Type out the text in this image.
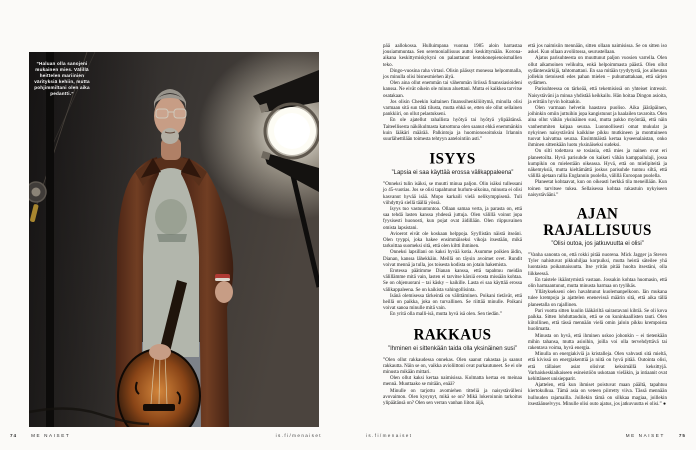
”Haluan olla sanojeni mukainen mies. Välillä heittelen mariinien värityksiä kehiin, mutta pohjimmiltani olen aika pedantti.”
74	ME NAISET	is.fi/menaiset

pää aallokossa. Hulluimpana vuonna 1985 aloin harrastaa jousiammuntaa. Sen seremoniallisuus auttoi keskittymään. Korona-aikana keskittymiskykyni on palauttanut lentokonepienoismallien teko.

Dingo-vuosina raha virtasi. Olisin päässyt monessa helpommalla, jos minulla olisi bisnesmiehen älyä.

Olen aina ollut enemmän tai vähemmän liriissä finanssiasioideni kanssa. Ne eivät oikein ole minun aluettani. Mutta ei kaikkea tarvitse osatakaan.

Jos olisin Cheekin kaltainen finanssihenkilöitymä, minulla olisi varmaan sitä sun tätä tilusta, mutta ehkä se, etten ole ollut sellainen pankkiiri, on ollut pelastukseni.

En ole ajatellut rahallista hyötyä tai hyötyä ylipäätänsä. Taiteellisesta näkökulmasta katsottuna olen saanut ehkä enemmänkin kuin lääkäri määrää. Palkintoja ja huomionosoituksia Irlannin suurlähettilään toimesta tehtyyn aatelointiin asti.”

ISYYS
”Lapsia ei saa käyttää erossa välikappaleena”

”Onneksi tulin isäksi, se muutti minua paljon. Olin isäksi tullessani jo 45-vuotias. Jos se olisi tapahtunut hurlum-aikoina, minusta ei olisi kasvanut hyvää isää. Mopo karkaili vielä nelikymppisenä. Tuli viihdyttyä siellä täällä yössä.

Isyys tuo vastuuntuntoa. Ollaan samaa verta, ja parasta on, että saa tehdä lasten kanssa yhdessä juttuja. Olen välillä voinut jopa fyysisesti huonosti, kun pojat ovat äidillään. Olen riippuvainen omista lapsistani.

Avioerot eivät ole koskaan helppoja. Syyllistän näistä itseäni. Olen tyyppi, joka hakee ensimmäiseksi vikoja itsestään, mikä tarkoittaa suomeksi sitä, että olen kiltti ihminen.

Onneksi lapsillani on kaksi hyvää kotia. Asumme poikien äidin, Dianan, kanssa lähekkäin. Meillä on täysin avoimet ovet. Rundit voivat mennä ja tulla, jos toisesta kodista on jotain hakemista.

Erotessa päätimme Dianan kanssa, että tapahtuu meidän välillämme mitä vain, lasten ei tarvitse kärsiä erosta missään kohtaa. Se on ohjenuorani – tai käsky – kaikille. Lasta ei saa käyttää erossa välikappaleena. Se on kaikista vahingollisinta.

Isänä olemisessa tärkeintä on välittäminen. Poikani tietävät, että heillä on paikka, joka on turvallinen. Se riittää minulle. Poikani voivat sanoa minulle mitä vain.

En yritä olla malli-isä, mutta hyvä isä olen. Sen tiedän.”

RAKKAUS
”Ihminen ei sittenkään taida olla yksinäinen susi”

”Olen ollut rakkaudessa onnekas. Olen saanut rakastaa ja saanut rakkautta. Näin se on, vaikka avioliittoni ovat purkautuneet. Se ei ole minusta mikään mittari.

Olen ollut kaksi kertaa naimisissa. Kolmatta kertaa en meinaa mennä. Muuttaako se mitään, enää?

Minulle on tarjottu avomiehen titteliä ja naisystävälleni avovaimon. Olen kysynyt, mikä se on? Mikä lokeroinnin tarkoitus ylipäätänsä on? Olen sen verran vanhan liiton äijä,

että jos naimisiin mennään, sitten ollaan naimisissa. Se on sitten iso askel. Kun ollaan avoliitossa, seurustellaan.

Ajatus parisuhteesta on muuttunut paljon vuosien varrella. Olen ollut aikamoinen velikulta, enkä helpoimmasta päästä. Olen ollut sydäntensärkijä, tahtomattani. En saa mitään tyydytystä, jos aiheutan jollekin tietoisesti edes pahan mielen – puhumattakaan, että särjen sydämen.

Parisuhteessa on tärkeää, että tekemisissä on yhteiset intressit. Naisystäväni ja minua yhdistää keikkailu. Hän hoitaa Dingon asioita, ja erittäin hyvin hoitaakin.

Olen varmaan helvetin haastava puoliso. Aika jääräpäinen, joihinkin omiin juttuihin jopa kangistunut ja haalailen tavaroita. Olen aina ollut vähän yksinäinen susi, mutta pakko myöntää, että näin vanhemmiten kaipaa seuraa. Luonnollisesti omat mukulat ja nykyinen naisystäväni kaikkine pikku mutkineen ja monttuineen tuovat kaivattua seuraa. Ensimmäistä kertaa kyseenalaistan, onko ihminen sittenkään luotu yksinäiseksi sudeksi.

On silti todettava se tosiasia, että mies ja nainen ovat eri planeetoilta. Hyvä parisuhde on kaiketi vähän kamppailulaji, jossa kumpikin on mielestään oikeassa. Hyvä, että on mielipiteitä ja näkemyksiä, mutta kieltämättä joskus parisuhde tuntuu siltä, että välillä ajetaan rallia Englannin puolella, välillä Euroopan puolella.

Planeetat kohtaavat, kun on oikeasti herkkä tila meneillään. Kun toinen tarvitsee tukea. Sellaisessa kohtaa rakastuin nykyiseen naisystävääni.”

AJAN RAJALLISUUS
”Olisi outoa, jos jatkuvuutta ei olisi”

”Vanha sanonta on, että rokki pitää nuorena. Mick Jagger ja Steven Tyler nahistuvat pikkuhiljaa korpuiksi, mutta heistä säteilee yhä luontaista poikamaisuutta. Itse yritän pitää huolta itsestäni, olla liikkeessä.

En taistele ikääntymistä vastaan. Jossakin kohtaa huomasin, että olin harmaantunut, mutta minusta harmaa on tyylikäs.

Yllätyksekseni olen havahtunut kuolemanpelkoon. Iän mukana tulee krempoja ja ajattelen enenevissä määrin sitä, että aika tällä planeetalla on rajallinen.

Pari vuotta sitten kuulin lääkäriltä sairastavani kihtiä. Se oli kova paikka. Sitten lohduttauduin, että se on kuninkaallisten tauti. Olen kiitollinen, että tässä mennään vielä omin jaloin pikku krempoista huolimatta.

Minusta on hyvä, että ihminen uskoo johonkin – ei tietenkään mihin tahansa, mutta asioihin, joilla voi olla tervehdyttävä tai rakentava voima, hyvä energia.

Minulla on energiakiviä ja kristalleja. Olen vahvasti sitä mieltä, että kivissä on energiakenttiä ja niitä on hyvä pitää. Outointa olisi, että tällaiset asiat olisivat keksimällä keksittyjä. Varhaiskeskiaikaiseen esineistöön uskotaan vieläkin, ja intiaanit ovat kehittäneet unisiepparit.

Ajattelen, että kun ihmiset poistuvat maan päältä, tapahtuu kiertokulkua. Tämä asia on veteen piirretty viiva. Tässä mennään hulluuden rajamailla. Joillekin tämä on silkkaa magiaa, joillekin itsestäänselvyys. Minulle olisi outo ajatus, jos jatkuvuutta ei olisi.” ●

is.fi/menaiset	ME NAISET	75
